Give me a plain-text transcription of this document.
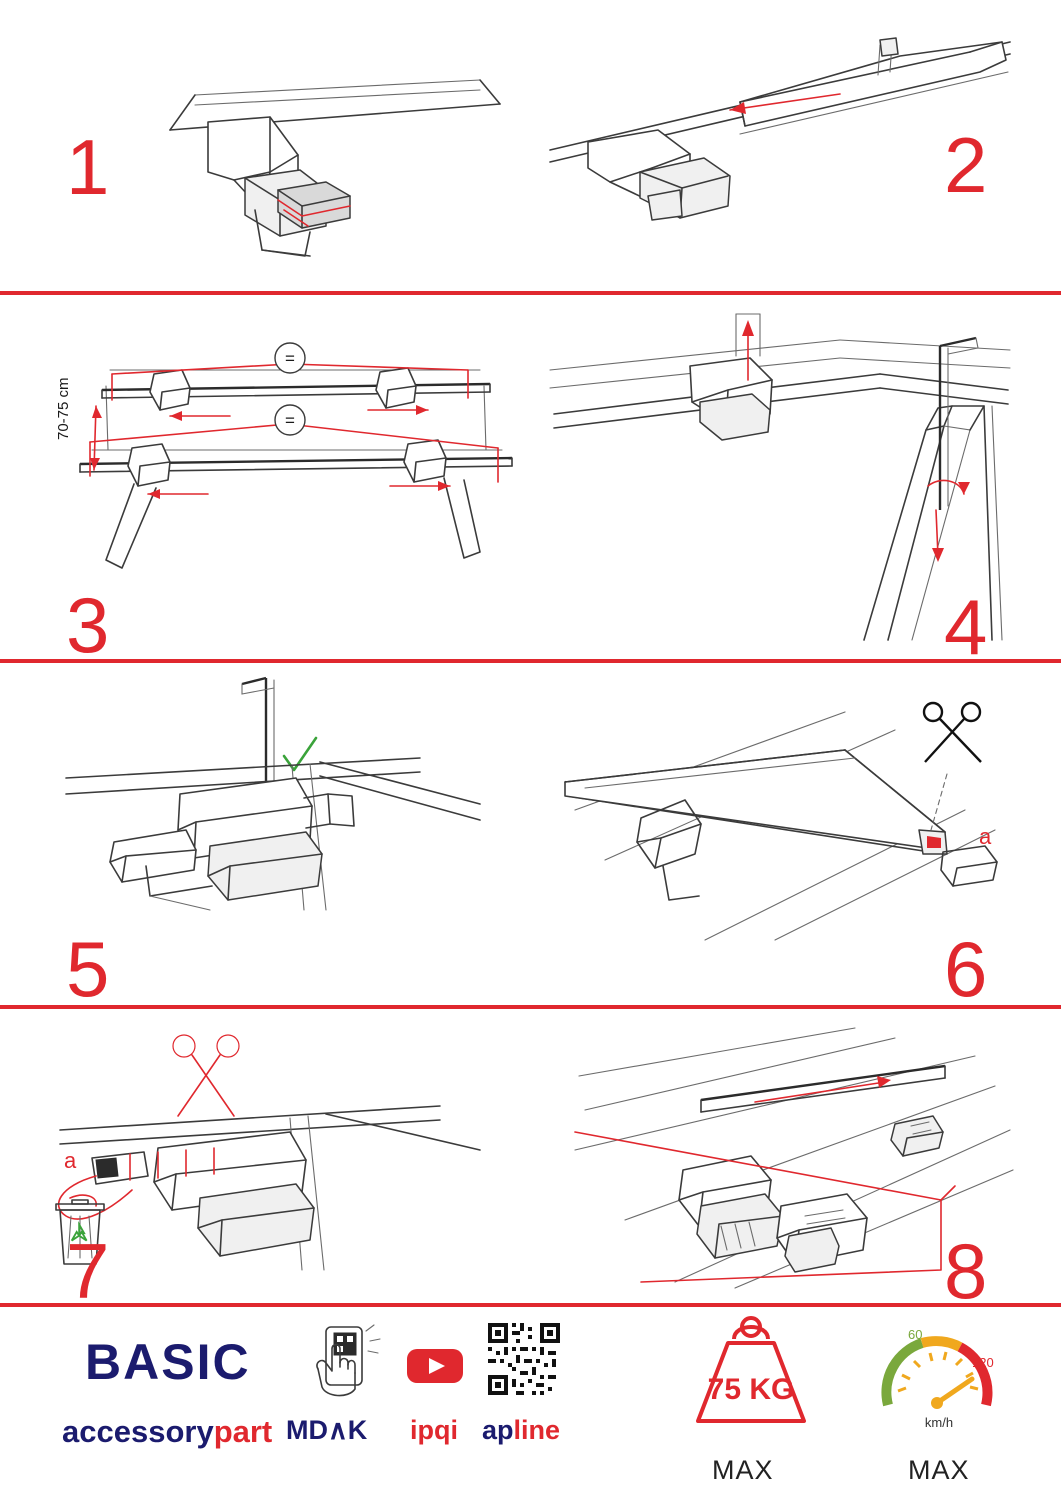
1	2
=
=
70-75 cm
3	4
5
a
6
a
7	8
BASIC
accessorypart MD∧K ipqi apline
75 KG
MAX
60
120
km/h
MAX
